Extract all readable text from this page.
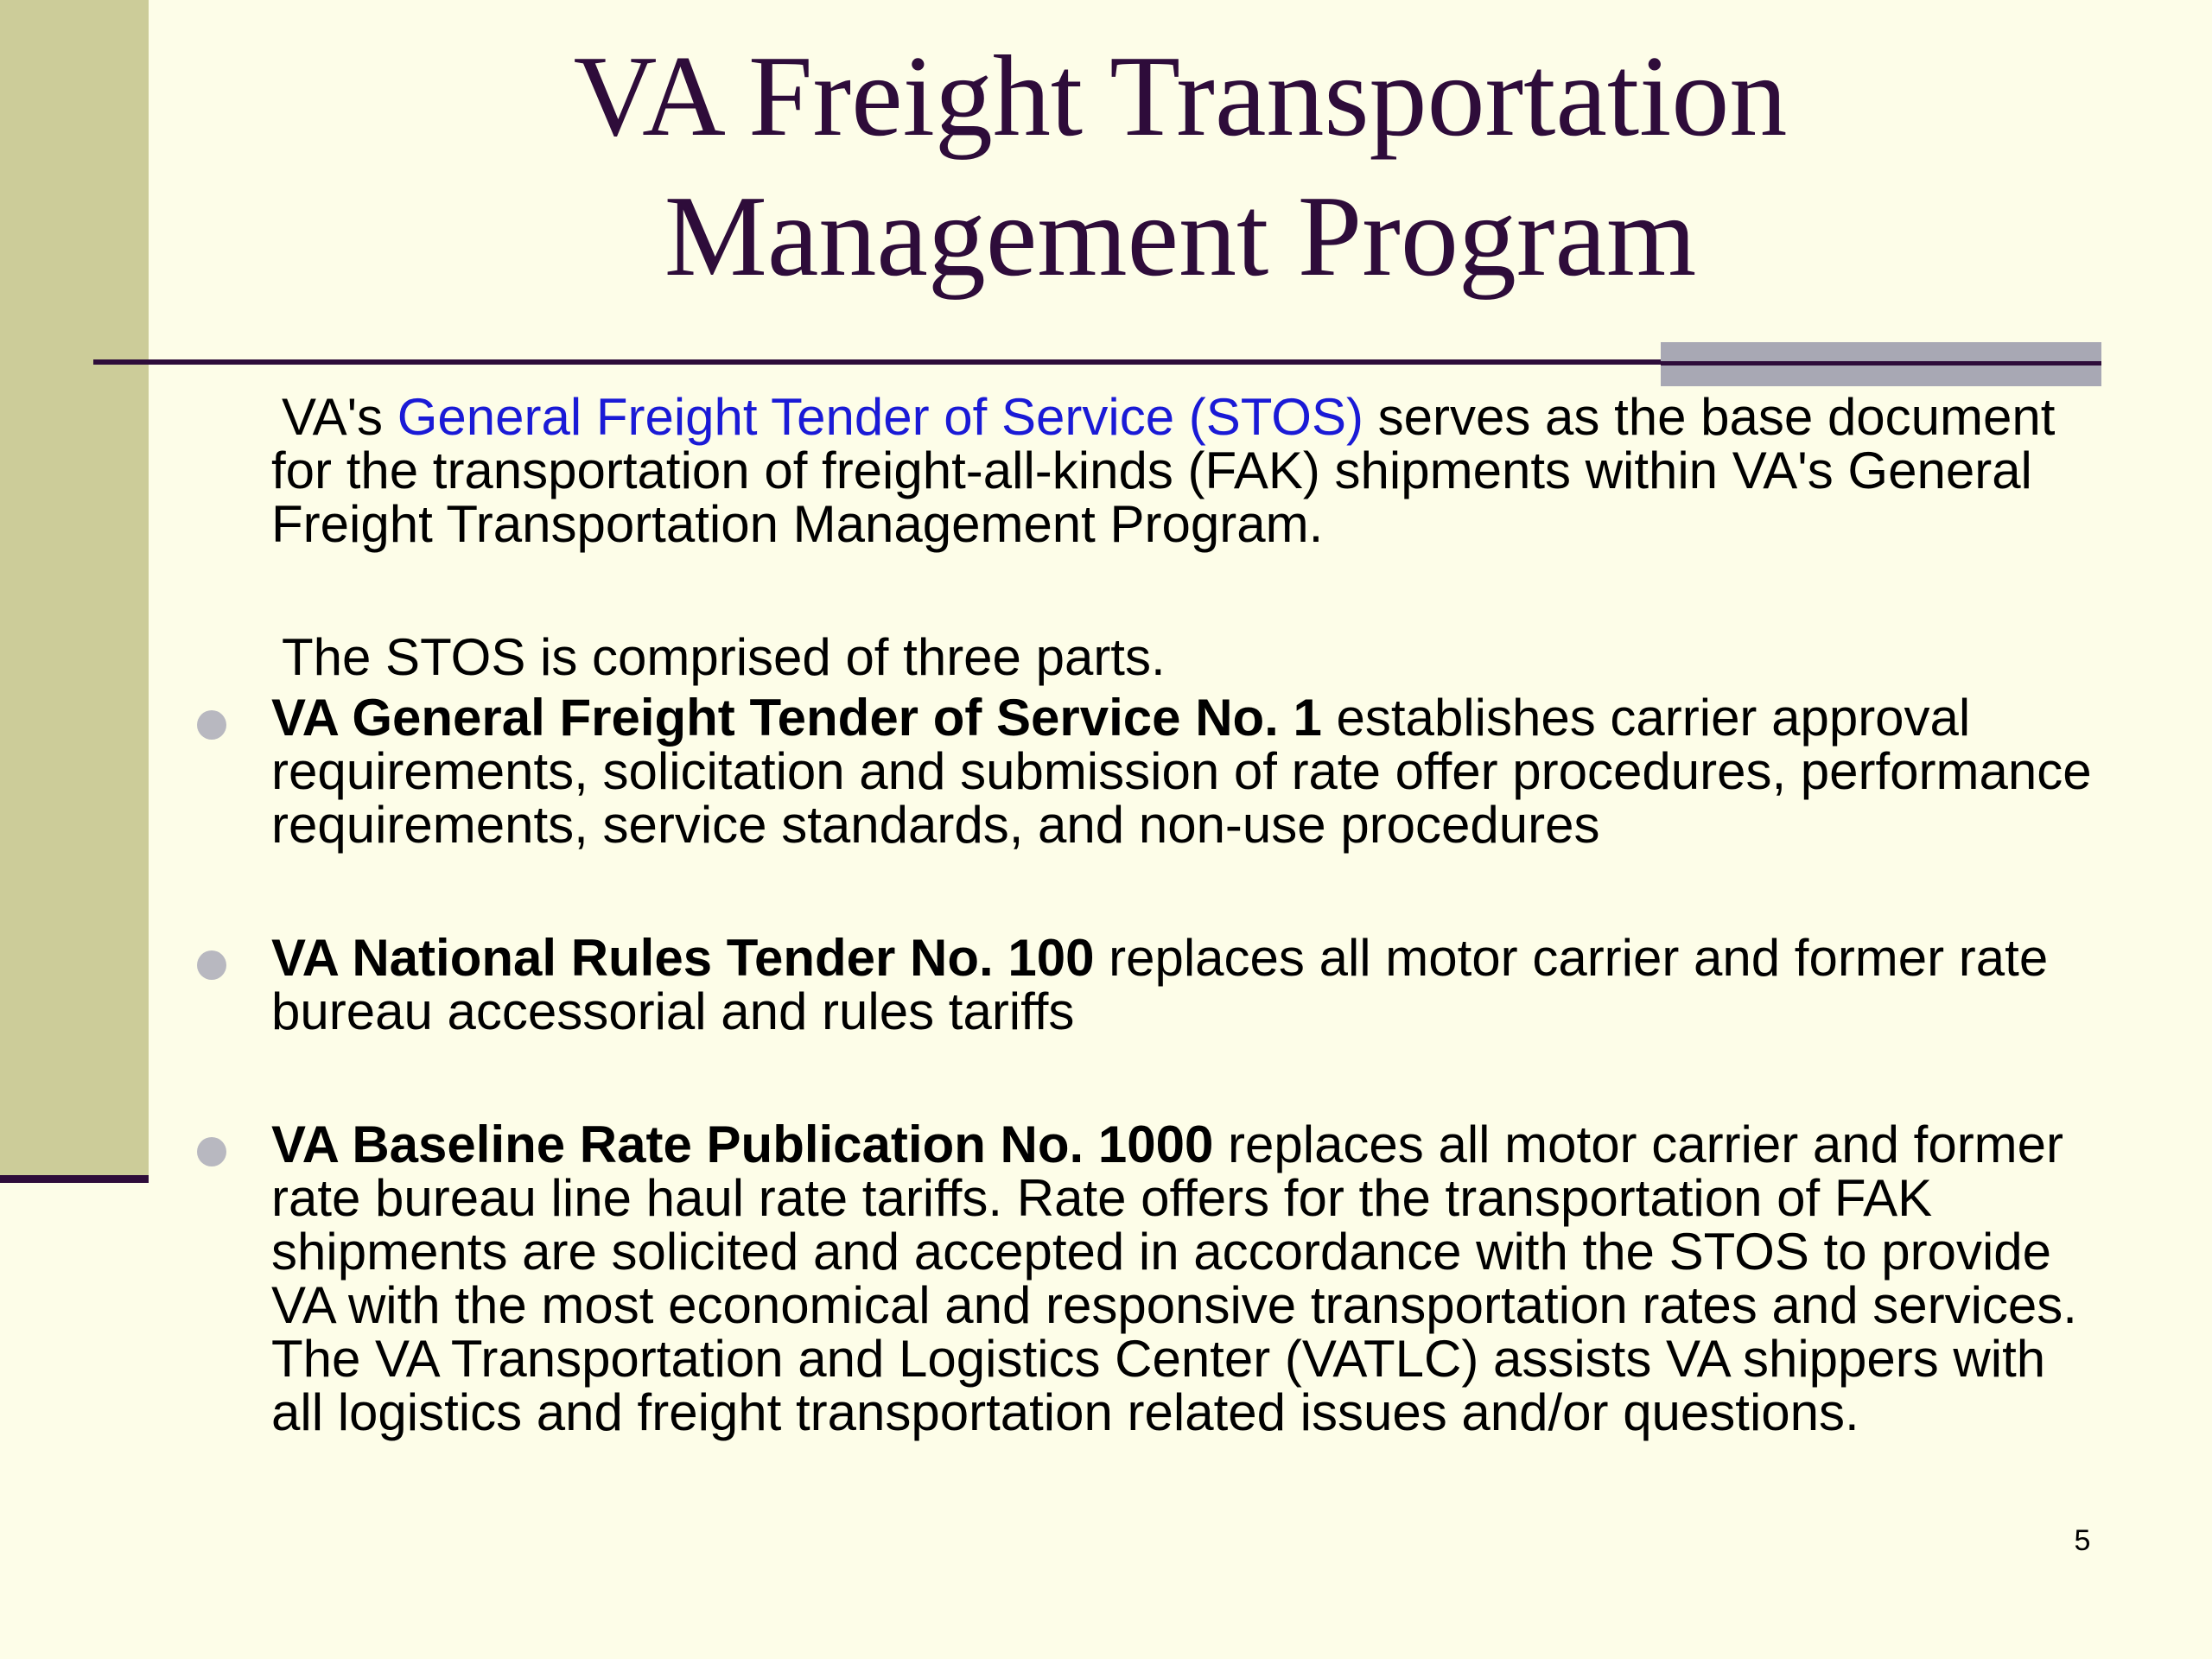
VA Freight Transportation
Management Program

VA's General Freight Tender of Service (STOS) serves as the base document for the transportation of freight-all-kinds (FAK) shipments within VA's General Freight Transportation Management Program.

The STOS is comprised of three parts.

VA General Freight Tender of Service No. 1 establishes carrier approval requirements, solicitation and submission of rate offer procedures, performance requirements, service standards, and non-use procedures

VA National Rules Tender No. 100 replaces all motor carrier and former rate bureau accessorial and rules tariffs

VA Baseline Rate Publication No. 1000 replaces all motor carrier and former rate bureau line haul rate tariffs. Rate offers for the transportation of FAK shipments are solicited and accepted in accordance with the STOS to provide VA with the most economical and responsive transportation rates and services. The VA Transportation and Logistics Center (VATLC) assists VA shippers with all logistics and freight transportation related issues and/or questions.

5
